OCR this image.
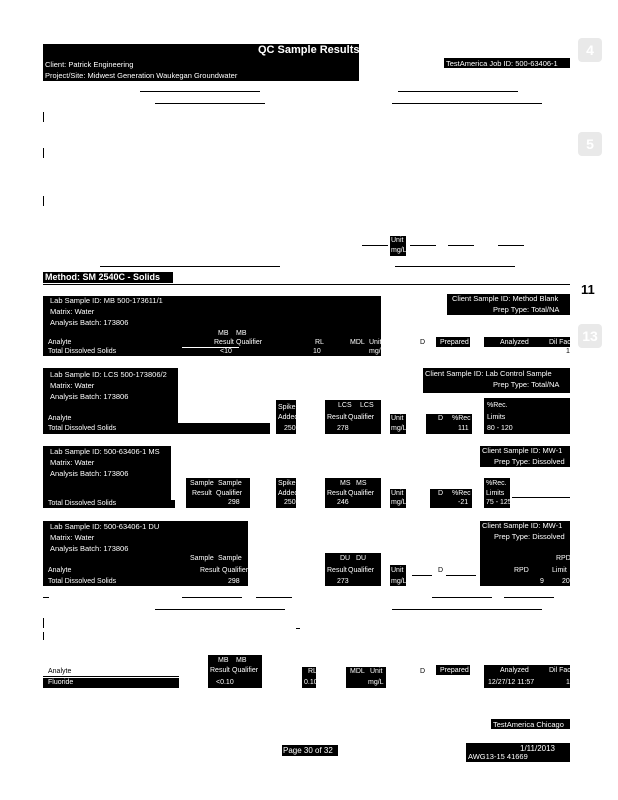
QC Sample Results
Client: Patrick Engineering
Project/Site: Midwest Generation Waukegan Groundwater
TestAmerica Job ID: 500-63406-1
Unit
mg/L
Method: SM 2540C - Solids
Lab Sample ID: MB 500-173611/1
Matrix: Water
Analysis Batch: 173806
Client Sample ID: Method Blank
Prep Type: Total/NA
MB MB
Analyte	Result Qualifier	RL	MDL Unit	D Prepared	Analyzed	Dil Fac
Total Dissolved Solids	<10	10	mg/L	12/27/12 13:00	1
Lab Sample ID: LCS 500-173806/2
Matrix: Water
Analysis Batch: 173806
Client Sample ID: Lab Control Sample
Prep Type: Total/NA
Spike	LCS LCS	%Rec.
Analyte	Added	Result Qualifier Unit	D %Rec Limits
Total Dissolved Solids	250	278	mg/L	111	80 - 120
Lab Sample ID: 500-63406-1 MS
Matrix: Water
Analysis Batch: 173806
Client Sample ID: MW-1
Prep Type: Dissolved
Sample Sample	Spike	MS MS	%Rec.
Analyte	Result Qualifier	Added	Result Qualifier Unit	D %Rec Limits
Total Dissolved Solids	298	250	246	mg/L	-21	75 - 125
Lab Sample ID: 500-63406-1 DU
Matrix: Water
Analysis Batch: 173806
Client Sample ID: MW-1
Prep Type: Dissolved
Sample Sample	DU DU	RPD
Analyte	Result Qualifier	Result Qualifier Unit	D	RPD	Limit
Total Dissolved Solids	298	273	mg/L	9	20
MB MB
Analyte	Result Qualifier	RL	MDL Unit	D Prepared	Analyzed	Dil Fac
Fluoride	<0.10	0.10	mg/L	12/27/12 11:57	1
TestAmerica Chicago
Page 30 of 32	1/11/2013
AWG13-15 41669
4
5
11
13
